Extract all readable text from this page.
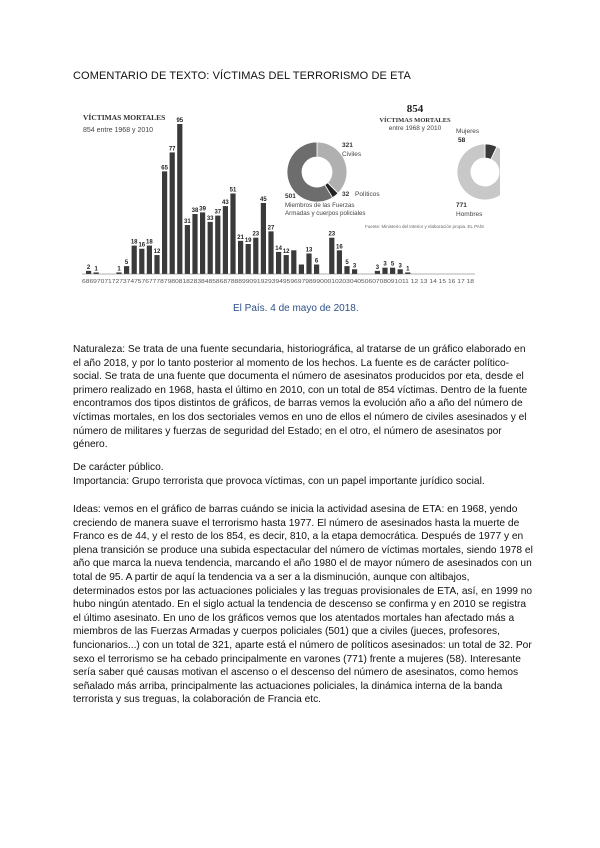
COMENTARIO DE TEXTO: VÍCTIMAS DEL TERRORISMO DE ETA
VÍCTIMAS MORTALES
854 entre 1968 y 2010
2 1	1
5
18
16
18
12
65
77
95
31
38 39
33
37
43
51
21
19
23
45
27
14
12	13
6
23
16
5
3	3
3 5 3
1
6869707172737475767778798081828384858687888990919293949596979899000102030405060708091011 12 13 14 15 16 17 18
854
VÍCTIMAS MORTALES
entre 1968 y 2010
321
Civiles
32 Políticos
501
Miembros de las Fuerzas Armadas y cuerpos policiales
Fuente: Ministerio del Interior y elaboración propia. EL PAÍS
Mujeres
58
771
Hombres
El País. 4 de mayo de 2018.

Naturaleza: Se trata de una fuente secundaria, historiográfica, al tratarse de un gráfico elaborado en el año 2018, y por lo tanto posterior al momento de los hechos. La fuente es de carácter político-social. Se trata de una fuente que documenta el número de asesinatos producidos por eta, desde el primero realizado en 1968, hasta el último en 2010, con un total de 854 víctimas. Dentro de la fuente encontramos dos tipos distintos de gráficos, de barras vemos la evolución año a año del número de víctimas mortales, en los dos sectoriales vemos en uno de ellos el número de civiles asesinados y el número de militares y fuerzas de seguridad del Estado; en el otro, el número de asesinatos por género.

De carácter público.

Importancia: Grupo terrorista que provoca víctimas, con un papel importante jurídico social.

Ideas: vemos en el gráfico de barras cuándo se inicia la actividad asesina de ETA: en 1968, yendo creciendo de manera suave el terrorismo hasta 1977. El número de asesinados hasta la muerte de Franco es de 44, y el resto de los 854, es decir, 810, a la etapa democrática. Después de 1977 y en plena transición se produce una subida espectacular del número de víctimas mortales, siendo 1978 el año que marca la nueva tendencia, marcando el año 1980 el de mayor número de asesinados con un total de 95. A partir de aquí la tendencia va a ser a la disminución, aunque con altibajos, determinados estos por las actuaciones policiales y las treguas provisionales de ETA, así, en 1999 no hubo ningún atentado. En el siglo actual la tendencia de descenso se confirma y en 2010 se registra el último asesinato. En uno de los gráficos vemos que los atentados mortales han afectado más a miembros de las Fuerzas Armadas y cuerpos policiales (501) que a civiles (jueces, profesores, funcionarios...) con un total de 321, aparte está el número de políticos asesinados: un total de 32. Por sexo el terrorismo se ha cebado principalmente en varones (771) frente a mujeres (58). Interesante sería saber qué causas motivan el ascenso o el descenso del número de asesinatos, como hemos señalado más arriba, principalmente las actuaciones policiales, la dinámica interna de la banda terrorista y sus treguas, la colaboración de Francia etc.
